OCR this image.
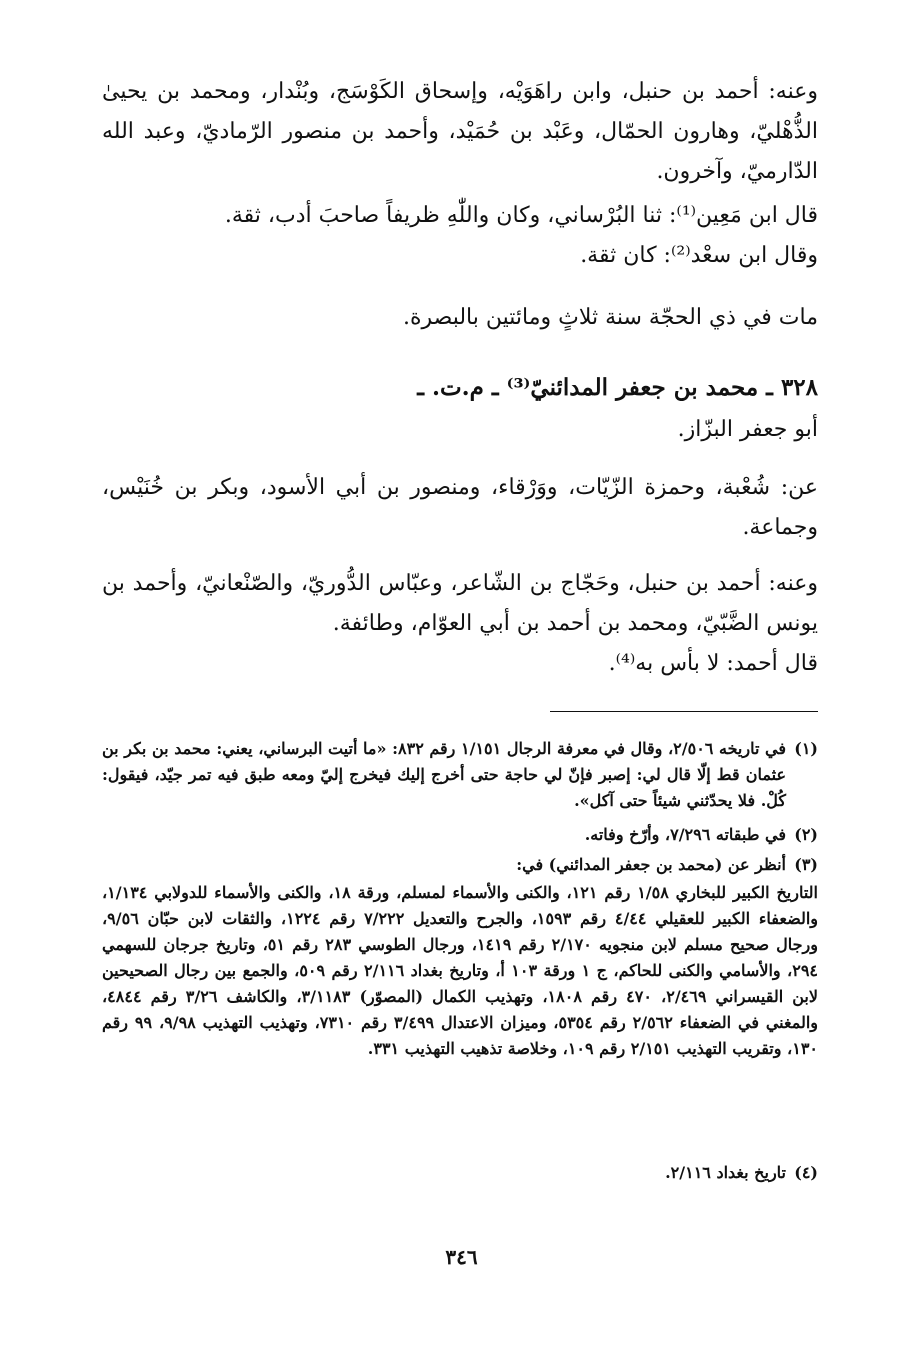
وعنه: أحمد بن حنبل، وابن راهَوَيْه، وإسحاق الكَوْسَج، وبُنْدار، ومحمد بن يحيىٰ الذُّهْليّ، وهارون الحمّال، وعَبْد بن حُمَيْد، وأحمد بن منصور الرّماديّ، وعبد الله الدّارميّ، وآخرون.

قال ابن مَعِين⁽¹⁾: ثنا البُرْساني، وكان واللّٰهِ ظريفاً صاحبَ أدب، ثقة.

وقال ابن سعْد⁽²⁾: كان ثقة.

مات في ذي الحجّة سنة ثلاثٍ ومائتين بالبصرة.

٣٢٨ ـ محمد بن جعفر المدائنيّ⁽³⁾ ـ م.ت. ـ

أبو جعفر البزّاز.

عن: شُعْبة، وحمزة الزّيّات، ووَرْقاء، ومنصور بن أبي الأسود، وبكر بن خُنَيْس، وجماعة.

وعنه: أحمد بن حنبل، وحَجّاج بن الشّاعر، وعبّاس الدُّوريّ، والصّنْعانيّ، وأحمد بن يونس الضَّبّيّ، ومحمد بن أحمد بن أبي العوّام، وطائفة.

قال أحمد: لا بأس به⁽⁴⁾.

(١)
في تاريخه ٢/٥٠٦، وقال في معرفة الرجال ١/١٥١ رقم ٨٣٢: «ما أتيت البرساني، يعني: محمد بن بكر بن عثمان قط إلّا قال لي: إصبر فإنّ لي حاجة حتى أخرج إليك فيخرج إليّ ومعه طبق فيه تمر جيّد، فيقول: كُلْ. فلا يحدّثني شيئاً حتى آكل».
(٢)
في طبقاته ٧/٢٩٦، وأرّخ وفاته.
(٣)
أنظر عن (محمد بن جعفر المدائني) في:
التاريخ الكبير للبخاري ١/٥٨ رقم ١٢١، والكنى والأسماء لمسلم، ورقة ١٨، والكنى والأسماء للدولابي ١/١٣٤، والضعفاء الكبير للعقيلي ٤/٤٤ رقم ١٥٩٣، والجرح والتعديل ٧/٢٢٢ رقم ١٢٢٤، والثقات لابن حبّان ٩/٥٦، ورجال صحيح مسلم لابن منجويه ٢/١٧٠ رقم ١٤١٩، ورجال الطوسي ٢٨٣ رقم ٥١، وتاريخ جرجان للسهمي ٢٩٤، والأسامي والكنى للحاكم، ج ١ ورقة ١٠٣ أ، وتاريخ بغداد ٢/١١٦ رقم ٥٠٩، والجمع بين رجال الصحيحين لابن القيسراني ٢/٤٦٩، ٤٧٠ رقم ١٨٠٨، وتهذيب الكمال (المصوّر) ٣/١١٨٣، والكاشف ٣/٢٦ رقم ٤٨٤٤، والمغني في الضعفاء ٢/٥٦٢ رقم ٥٣٥٤، وميزان الاعتدال ٣/٤٩٩ رقم ٧٣١٠، وتهذيب التهذيب ٩/٩٨، ٩٩ رقم ١٣٠، وتقريب التهذيب ٢/١٥١ رقم ١٠٩، وخلاصة تذهيب التهذيب ٣٣١.
(٤)
تاريخ بغداد ٢/١١٦.
٣٤٦
